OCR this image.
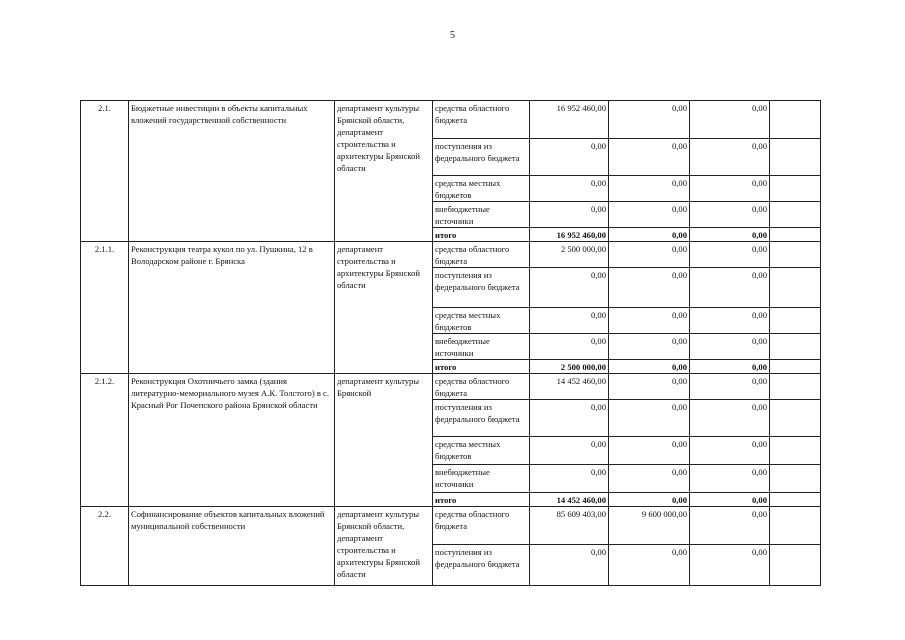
5
2.1.	Бюджетные инвестиции в объекты капитальных вложений государственной собственности	департамент культуры Брянской области, департамент строительства и архитектуры Брянской области	средства областного бюджета	16 952 460,00	0,00	0,00	
			поступления из федерального бюджета	0,00	0,00	0,00	
			средства местных бюджетов	0,00	0,00	0,00	
			внебюджетные источники	0,00	0,00	0,00	
			итого	16 952 460,00	0,00	0,00	
2.1.1.	Реконструкция театра кукол по ул. Пушкина, 12 в Володарском районе г. Брянска	департамент строительства и архитектуры Брянской области	средства областного бюджета	2 500 000,00	0,00	0,00	
			поступления из федерального бюджета	0,00	0,00	0,00	
			средства местных бюджетов	0,00	0,00	0,00	
			внебюджетные источники	0,00	0,00	0,00	
			итого	2 500 000,00	0,00	0,00	
2.1.2.	Реконструкция Охотничьего замка (здания литературно-мемориального музея А.К. Толстого) в с. Красный Рог Почепского района Брянской области	департамент культуры Брянской	средства областного бюджета	14 452 460,00	0,00	0,00	
			поступления из федерального бюджета	0,00	0,00	0,00	
			средства местных бюджетов	0,00	0,00	0,00	
			внебюджетные источники	0,00	0,00	0,00	
			итого	14 452 460,00	0,00	0,00	
2.2.	Софинансирование объектов капитальных вложений муниципальной собственности	департамент культуры Брянской области, департамент строительства и архитектуры Брянской области	средства областного бюджета	85 609 403,00	9 600 000,00	0,00	
			поступления из федерального бюджета	0,00	0,00	0,00	
